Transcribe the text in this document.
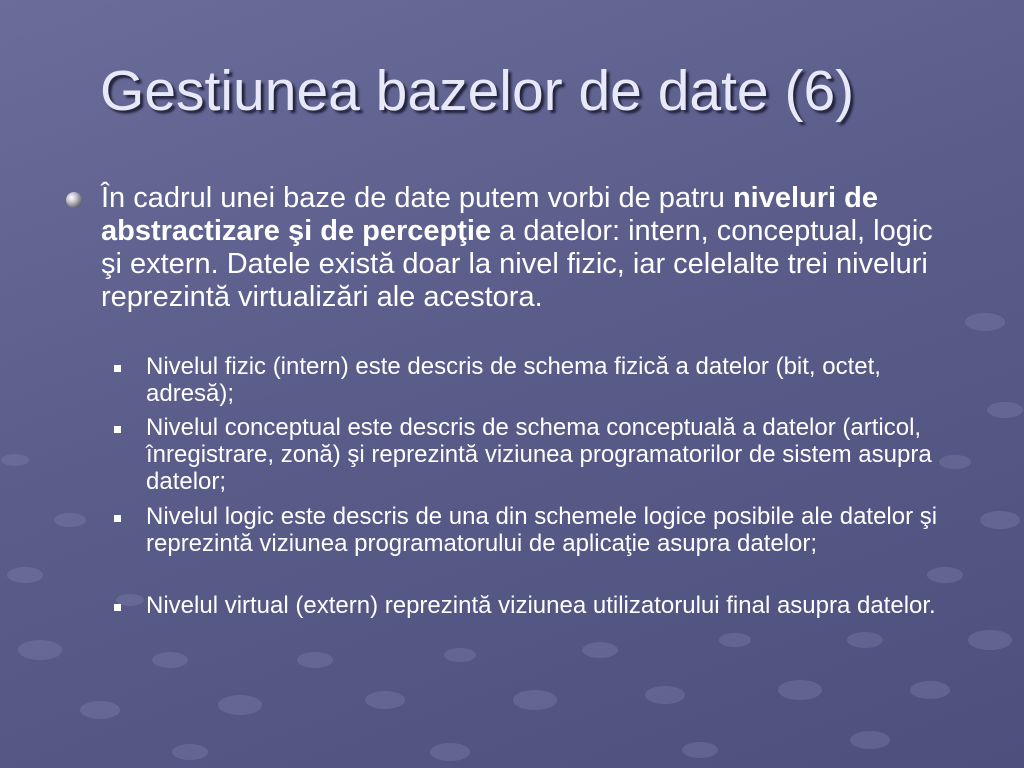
Gestiunea bazelor de date (6)
În cadrul unei baze de date putem vorbi de patru niveluri de abstractizare şi de percepţie a datelor: intern, conceptual, logic şi extern. Datele există doar la nivel fizic, iar celelalte trei niveluri reprezintă virtualizări ale acestora.
Nivelul fizic (intern) este descris de schema fizică a datelor (bit, octet, adresă);
Nivelul conceptual este descris de schema conceptuală a datelor (articol, înregistrare, zonă) şi reprezintă viziunea programatorilor de sistem asupra datelor;
Nivelul logic este descris de una din schemele logice posibile ale datelor şi reprezintă viziunea programatorului de aplicaţie asupra datelor;
Nivelul virtual (extern) reprezintă viziunea utilizatorului final asupra datelor.
